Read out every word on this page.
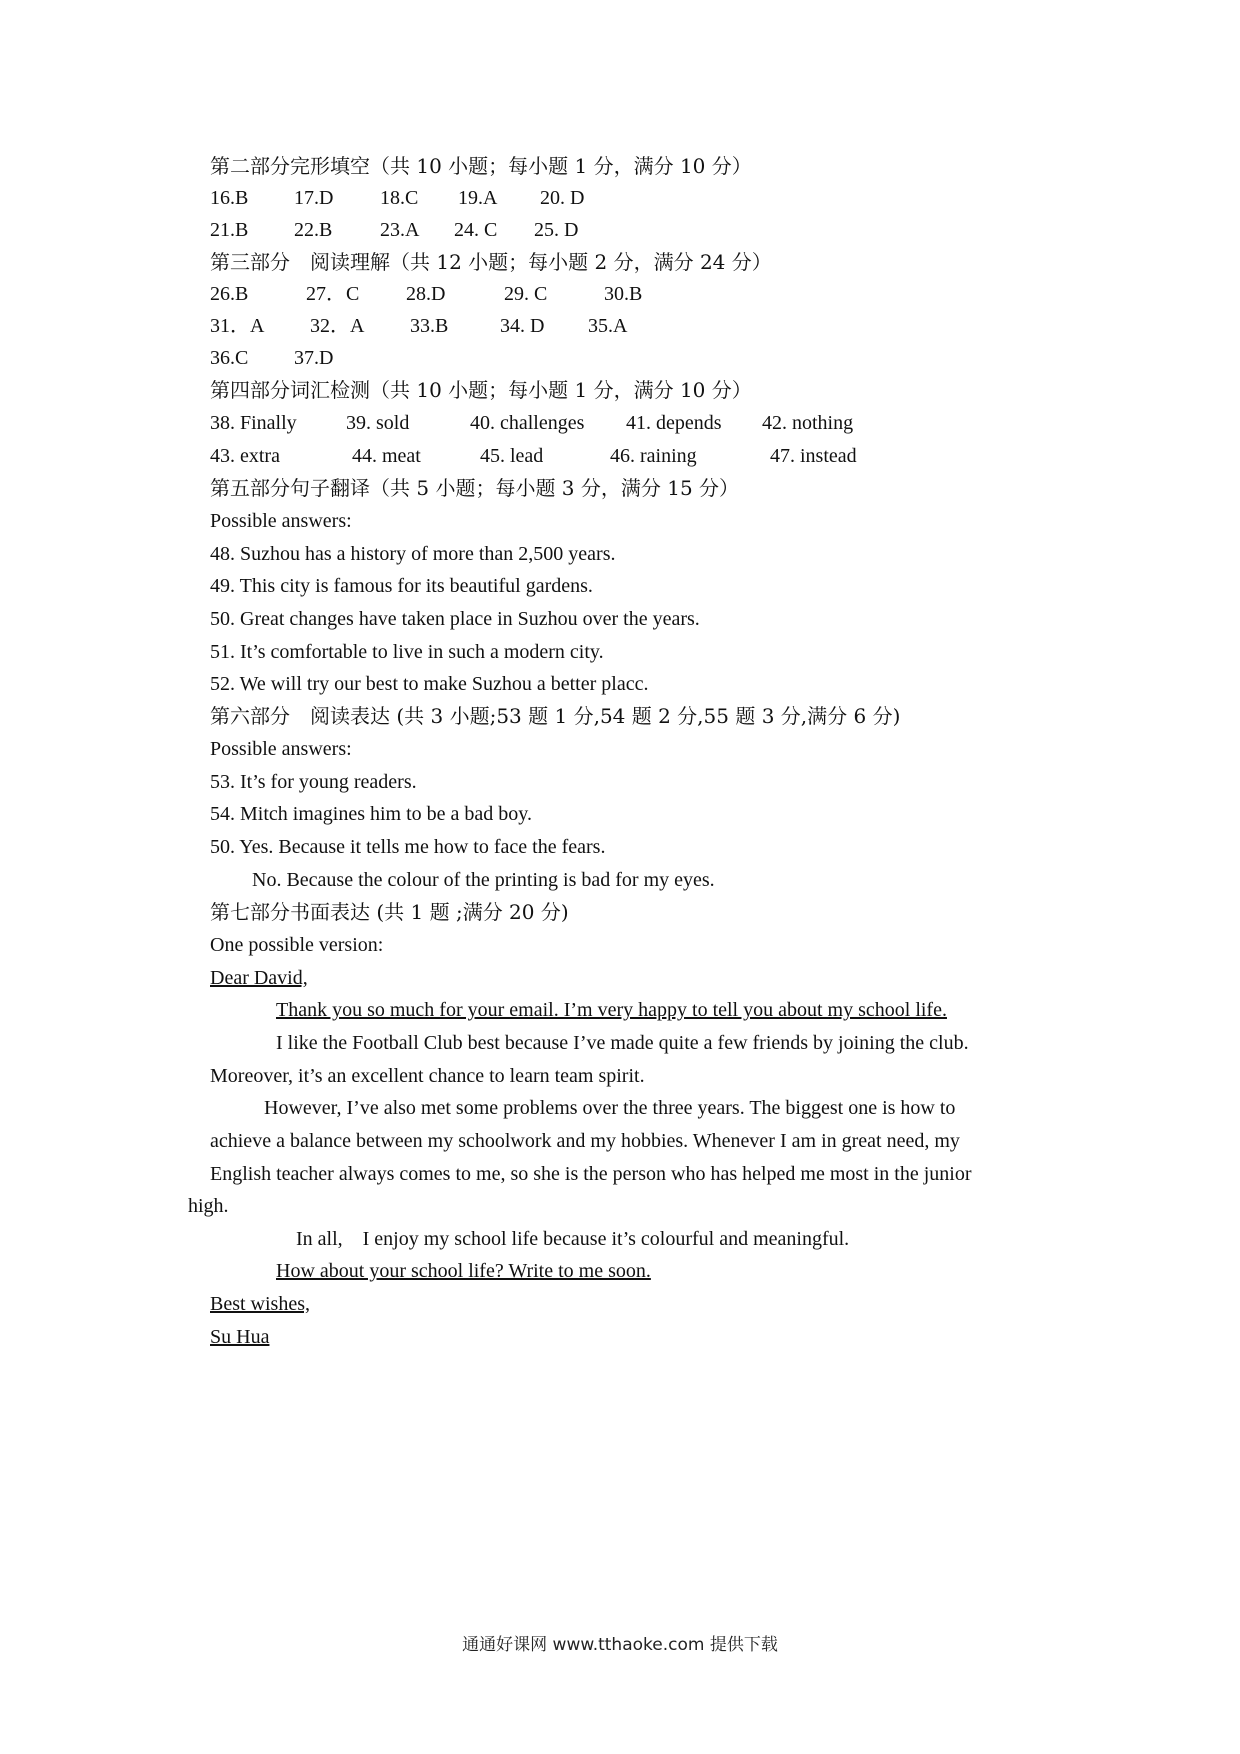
第二部分完形填空（共 10 小题；每小题 1 分，满分 10 分）
16.B 17.D 18.C 19.A 20. D
21.B 22.B 23.A 24. C 25. D
第三部分　阅读理解（共 12 小题；每小题 2 分，满分 24 分）
26.B	27．C 28.D	29. C	30.B
31．A 32．A 33.B	34. D 35.A
36.C 37.D
第四部分词汇检测（共 10 小题；每小题 1 分，满分 10 分）
38. Finally 39. sold	40. challenges 41. depends 42. nothing
43. extra	44. meat	45. lead	46. raining	47. instead
第五部分句子翻译（共 5 小题；每小题 3 分，满分 15 分）
Possible answers:
48. Suzhou has a history of more than 2,500 years.
49. This city is famous for its beautiful gardens.
50. Great changes have taken place in Suzhou over the years.
51. It’s comfortable to live in such a modern city.
52. We will try our best to make Suzhou a better placc.
第六部分　阅读表达 (共 3 小题;53 题 1 分,54 题 2 分,55 题 3 分,满分 6 分)
Possible answers:
53. It’s for young readers.
54. Mitch imagines him to be a bad boy.
50. Yes. Because it tells me how to face the fears.
No. Because the colour of the printing is bad for my eyes.
第七部分书面表达 (共 1 题 ;满分 20 分)
One possible version:
Dear David,
Thank you so much for your email. I’m very happy to tell you about my school life.
I like the Football Club best because I’ve made quite a few friends by joining the club.
Moreover, it’s an excellent chance to learn team spirit.
However, I’ve also met some problems over the three years. The biggest one is how to
achieve a balance between my schoolwork and my hobbies. Whenever I am in great need, my
English teacher always comes to me, so she is the person who has helped me most in the junior
high.
In all,　I enjoy my school life because it’s colourful and meaningful.
How about your school life? Write to me soon.
Best wishes,
Su Hua
通通好课网 www.tthaoke.com 提供下载
